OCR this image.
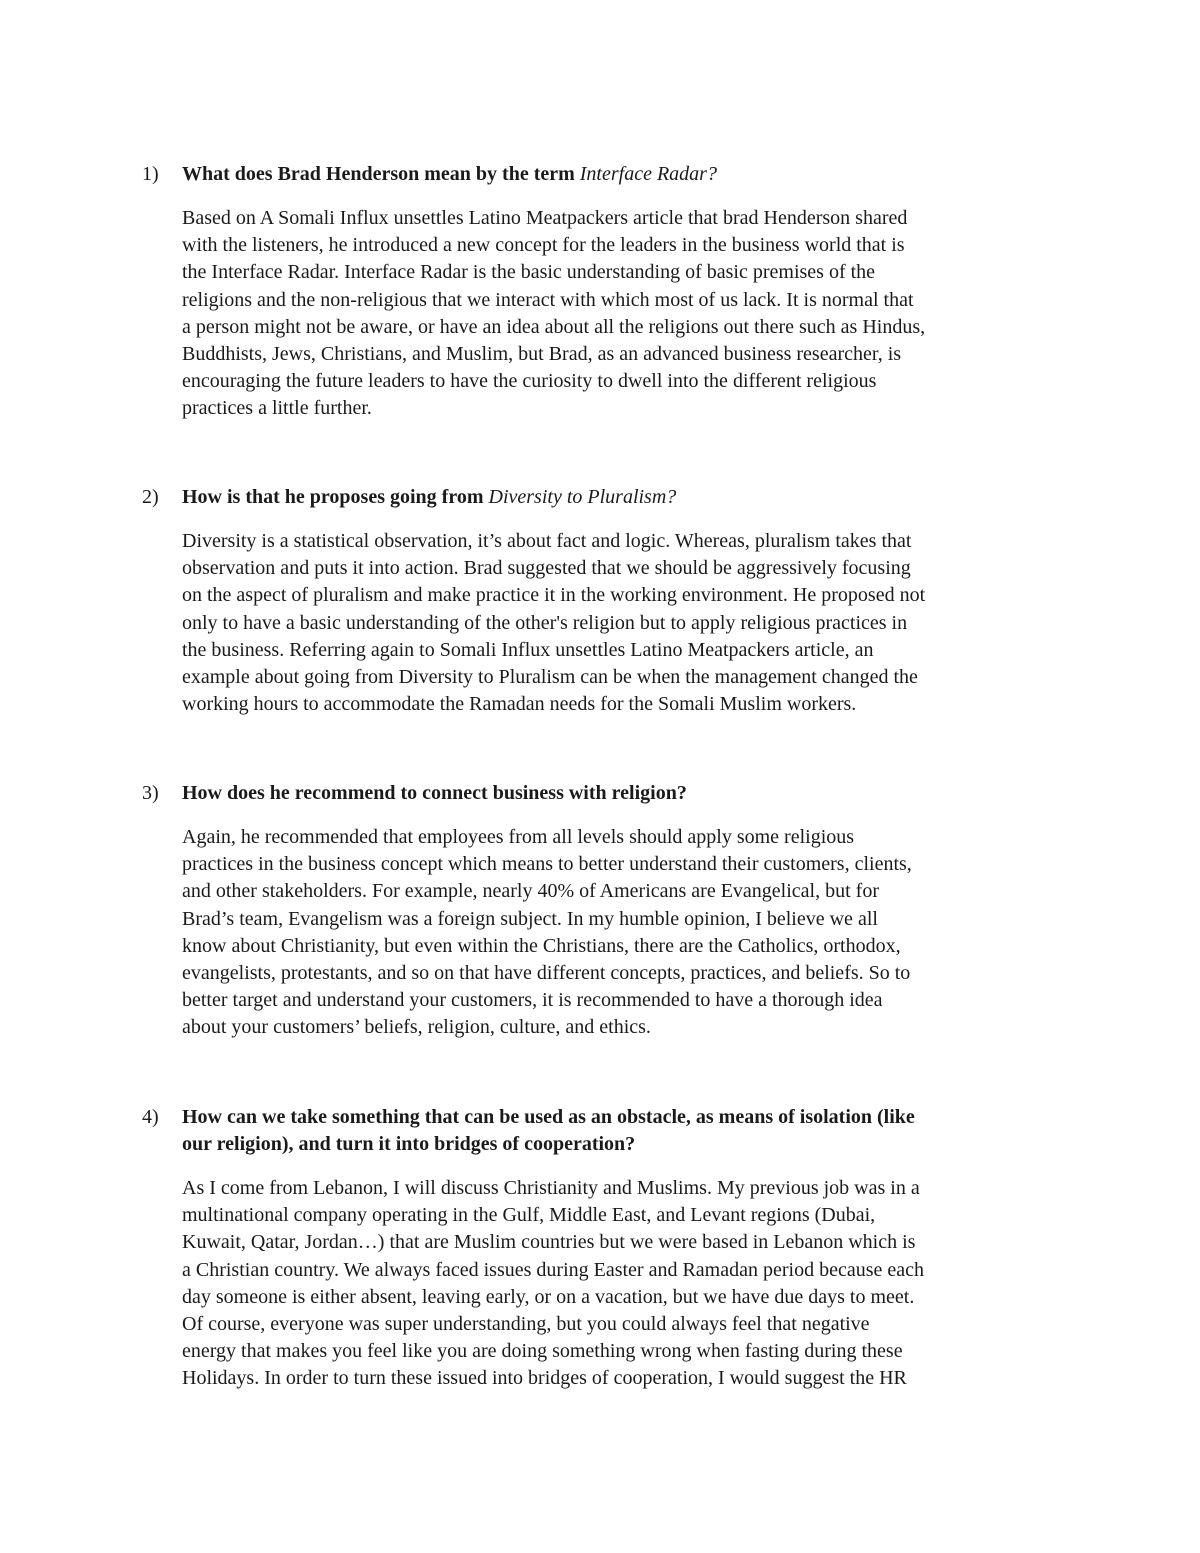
1)	What does Brad Henderson mean by the term Interface Radar?
Based on A Somali Influx unsettles Latino Meatpackers article that brad Henderson shared
with the listeners, he introduced a new concept for the leaders in the business world that is
the Interface Radar. Interface Radar is the basic understanding of basic premises of the
religions and the non-religious that we interact with which most of us lack. It is normal that
a person might not be aware, or have an idea about all the religions out there such as Hindus,
Buddhists, Jews, Christians, and Muslim, but Brad, as an advanced business researcher, is
encouraging the future leaders to have the curiosity to dwell into the different religious
practices a little further.
2)	How is that he proposes going from Diversity to Pluralism?
Diversity is a statistical observation, it’s about fact and logic. Whereas, pluralism takes that
observation and puts it into action. Brad suggested that we should be aggressively focusing
on the aspect of pluralism and make practice it in the working environment. He proposed not
only to have a basic understanding of the other's religion but to apply religious practices in
the business. Referring again to Somali Influx unsettles Latino Meatpackers article, an
example about going from Diversity to Pluralism can be when the management changed the
working hours to accommodate the Ramadan needs for the Somali Muslim workers.
3)	How does he recommend to connect business with religion?
Again, he recommended that employees from all levels should apply some religious
practices in the business concept which means to better understand their customers, clients,
and other stakeholders. For example, nearly 40% of Americans are Evangelical, but for
Brad’s team, Evangelism was a foreign subject. In my humble opinion, I believe we all
know about Christianity, but even within the Christians, there are the Catholics, orthodox,
evangelists, protestants, and so on that have different concepts, practices, and beliefs. So to
better target and understand your customers, it is recommended to have a thorough idea
about your customers’ beliefs, religion, culture, and ethics.
4)	How can we take something that can be used as an obstacle, as means of isolation (like
our religion), and turn it into bridges of cooperation?
As I come from Lebanon, I will discuss Christianity and Muslims. My previous job was in a
multinational company operating in the Gulf, Middle East, and Levant regions (Dubai,
Kuwait, Qatar, Jordan…) that are Muslim countries but we were based in Lebanon which is
a Christian country. We always faced issues during Easter and Ramadan period because each
day someone is either absent, leaving early, or on a vacation, but we have due days to meet.
Of course, everyone was super understanding, but you could always feel that negative
energy that makes you feel like you are doing something wrong when fasting during these
Holidays. In order to turn these issued into bridges of cooperation, I would suggest the HR
